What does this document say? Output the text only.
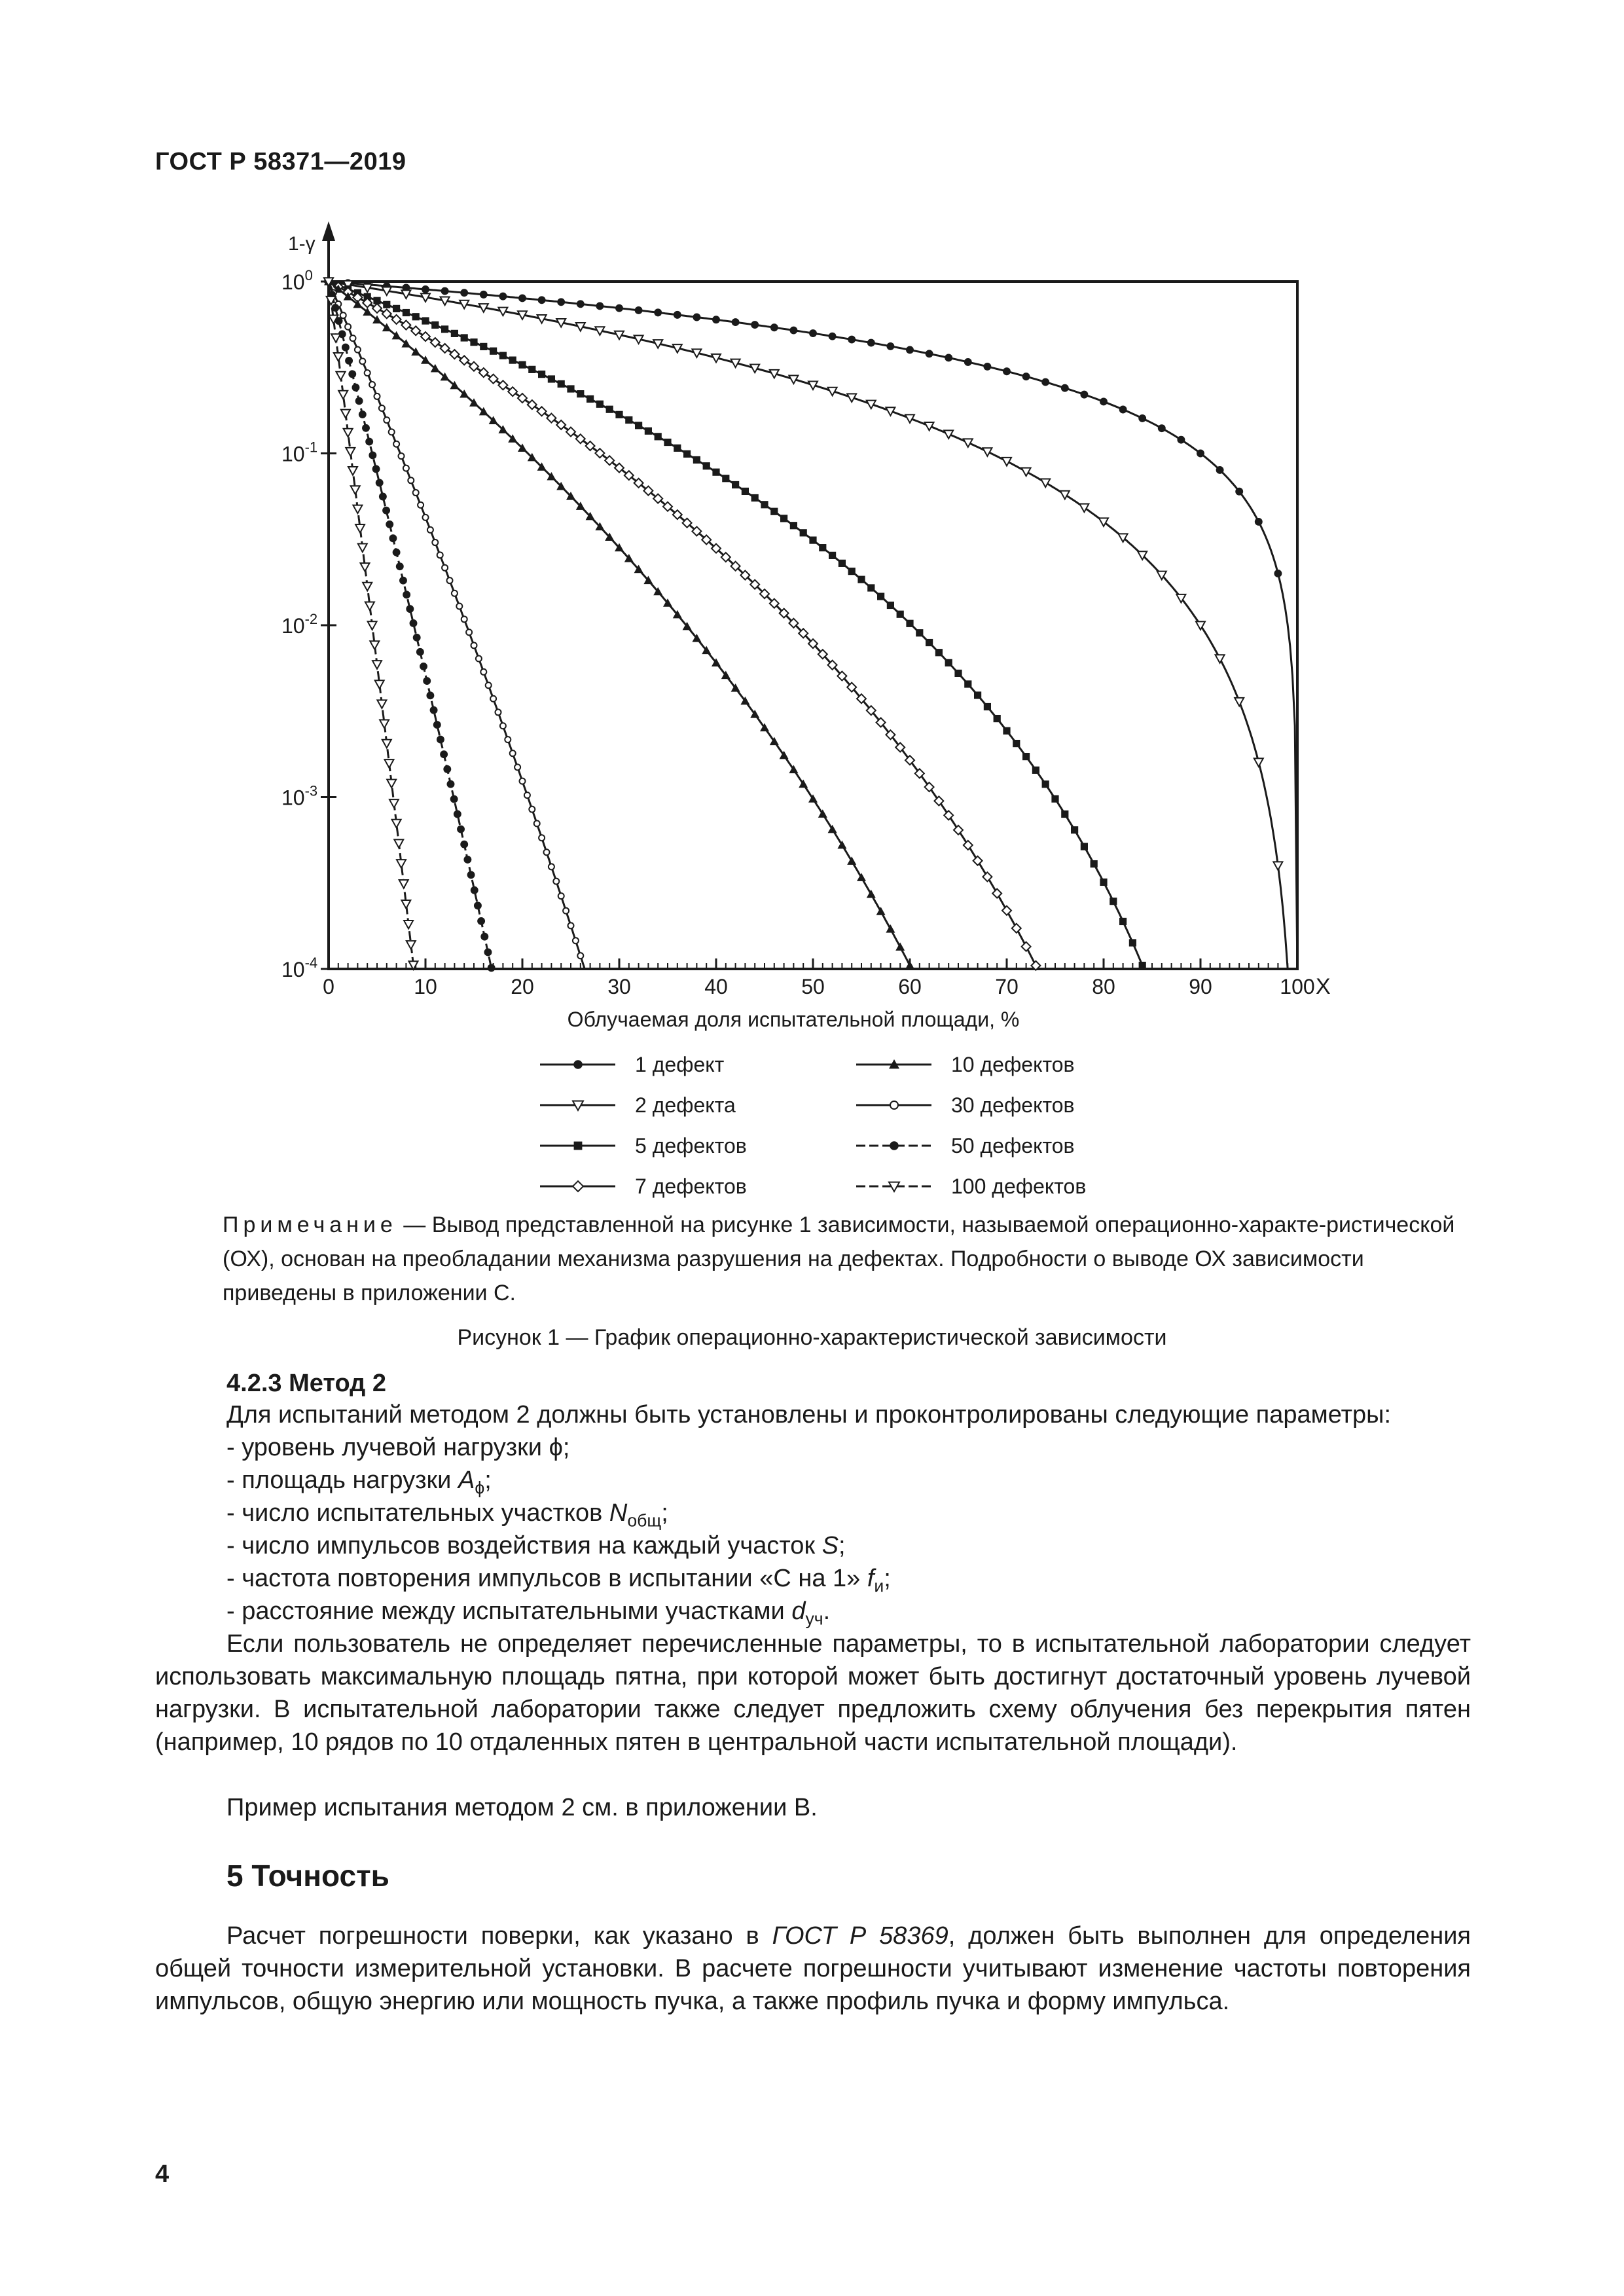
ГОСТ Р 58371—2019
1-γ
$10^0$
$10^{-1}$
$10^{-2}$
$10^{-3}$
$10^{-4}$
0	10	20	30	40	50	60	70	80	90	100 X
Облучаемая доля испытательной площади, %
1 дефект
2 дефекта
5 дефектов
7 дефектов
10 дефектов
30 дефектов
50 дефектов
100 дефектов
Примечание — Вывод представленной на рисунке 1 зависимости, называемой операционно-характе-ристической (ОХ), основан на преобладании механизма разрушения на дефектах. Подробности о выводе ОХ зависимости приведены в приложении С.
Рисунок 1 — График операционно-характеристической зависимости
4.2.3 Метод 2
Для испытаний методом 2 должны быть установлены и проконтролированы следующие параметры:
- уровень лучевой нагрузки ϕ;
- площадь нагрузки $A_\phi$;
- число испытательных участков $N_{общ}$;
- число импульсов воздействия на каждый участок S;
- частота повторения импульсов в испытании «С на 1» $f_и$;
- расстояние между испытательными участками $d_{уч}$.
Если пользователь не определяет перечисленные параметры, то в испытательной лаборатории следует использовать максимальную площадь пятна, при которой может быть достигнут достаточный уровень лучевой нагрузки. В испытательной лаборатории также следует предложить схему облучения без перекрытия пятен (например, 10 рядов по 10 отдаленных пятен в центральной части испытательной площади).
Пример испытания методом 2 см. в приложении В.
5 Точность
Расчет погрешности поверки, как указано в ГОСТ Р 58369, должен быть выполнен для определения общей точности измерительной установки. В расчете погрешности учитывают изменение частоты повторения импульсов, общую энергию или мощность пучка, а также профиль пучка и форму импульса.
4
